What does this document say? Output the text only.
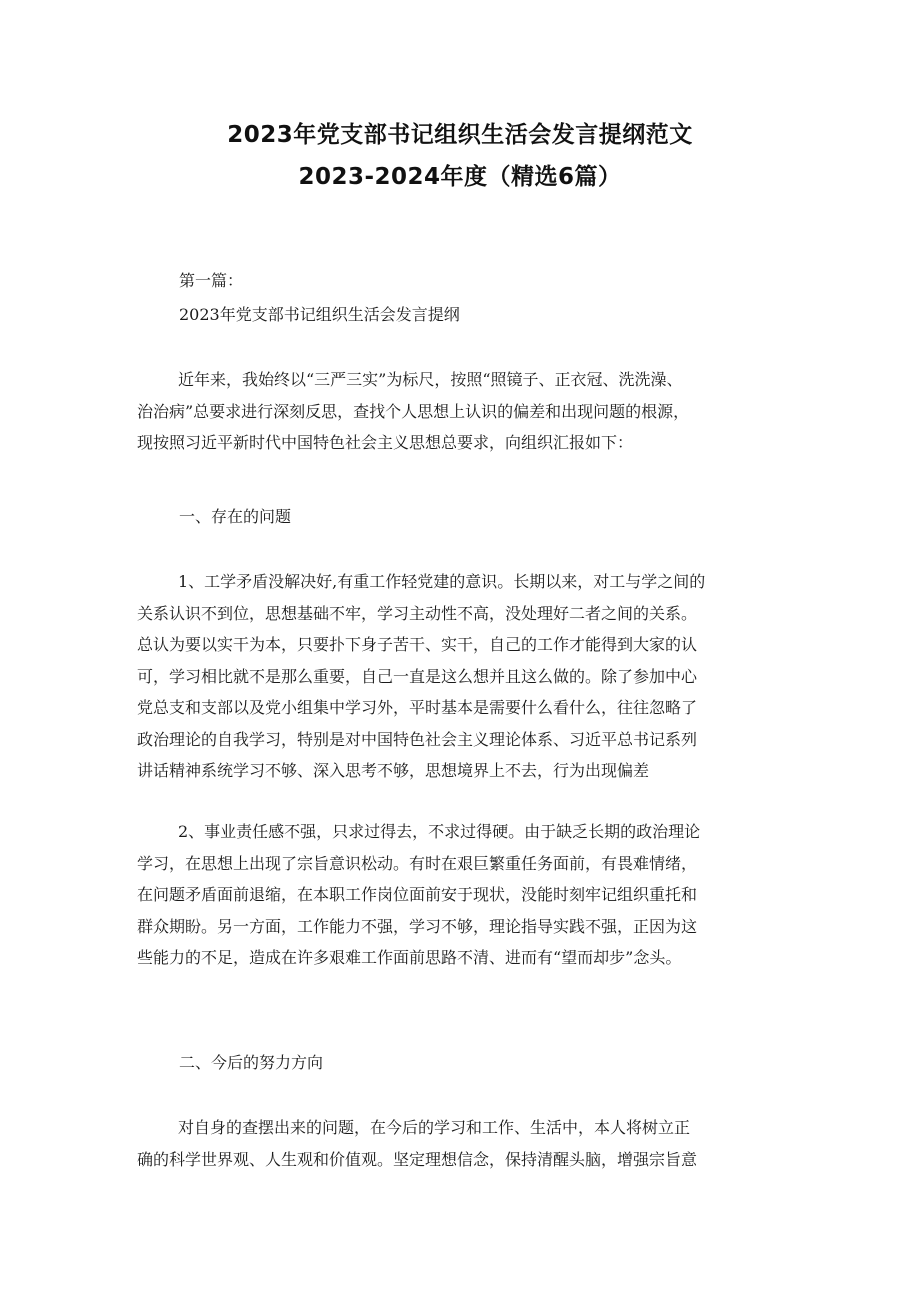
2023年党支部书记组织生活会发言提纲范文
2023-2024年度（精选6篇）

第一篇：

2023年党支部书记组织生活会发言提纲

近年来，我始终以“三严三实”为标尺，按照“照镜子、正衣冠、洗洗澡、
治治病”总要求进行深刻反思，查找个人思想上认识的偏差和出现问题的根源，
现按照习近平新时代中国特色社会主义思想总要求，向组织汇报如下：

一、存在的问题

1、工学矛盾没解决好,有重工作轻党建的意识。长期以来，对工与学之间的
关系认识不到位，思想基础不牢，学习主动性不高，没处理好二者之间的关系。
总认为要以实干为本，只要扑下身子苦干、实干，自己的工作才能得到大家的认
可，学习相比就不是那么重要，自己一直是这么想并且这么做的。除了参加中心
党总支和支部以及党小组集中学习外，平时基本是需要什么看什么，往往忽略了
政治理论的自我学习，特别是对中国特色社会主义理论体系、习近平总书记系列
讲话精神系统学习不够、深入思考不够，思想境界上不去，行为出现偏差
2、事业责任感不强，只求过得去，不求过得硬。由于缺乏长期的政治理论
学习，在思想上出现了宗旨意识松动。有时在艰巨繁重任务面前，有畏难情绪，
在问题矛盾面前退缩，在本职工作岗位面前安于现状，没能时刻牢记组织重托和
群众期盼。另一方面，工作能力不强，学习不够，理论指导实践不强，正因为这
些能力的不足，造成在许多艰难工作面前思路不清、进而有“望而却步”念头。

二、今后的努力方向

对自身的查摆出来的问题，在今后的学习和工作、生活中，本人将树立正
确的科学世界观、人生观和价值观。坚定理想信念，保持清醒头脑，增强宗旨意
